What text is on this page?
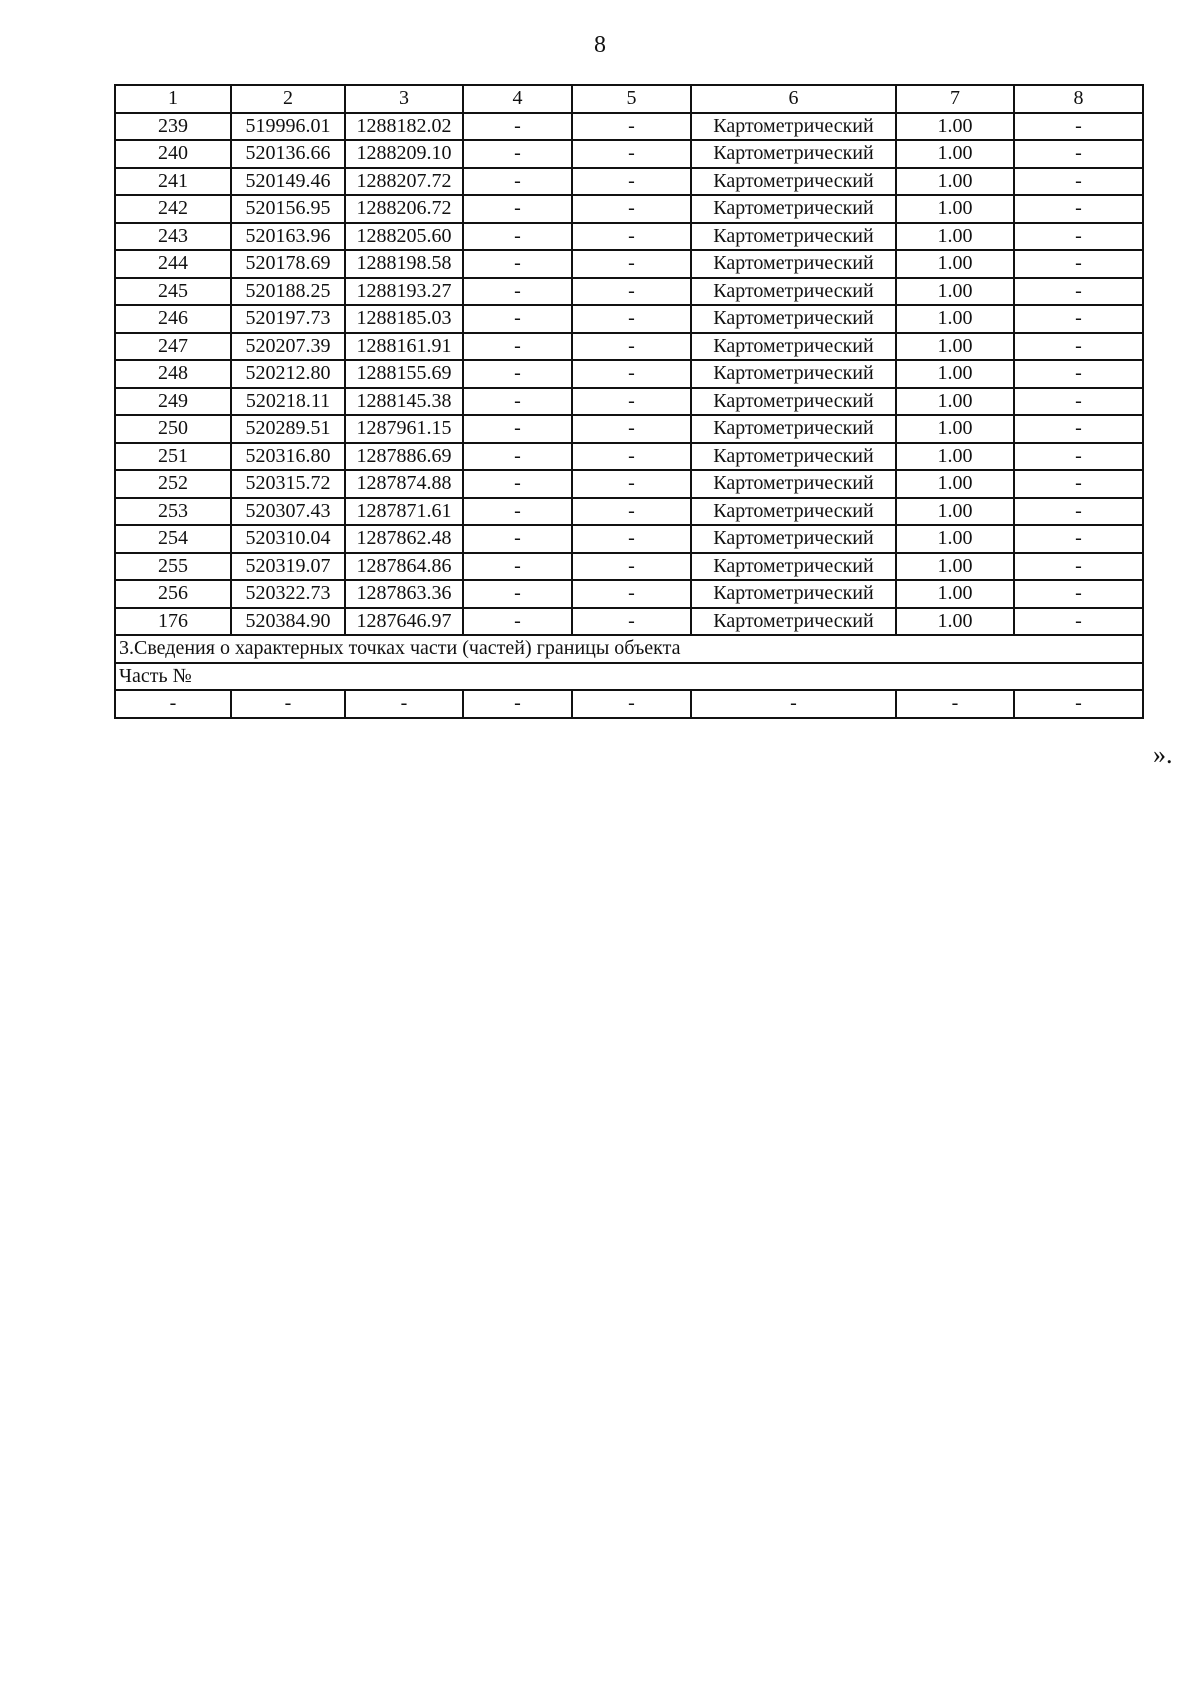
8
1	2	3	4	5	6	7	8
239	519996.01	1288182.02	-	-	Картометрический	1.00	-
240	520136.66	1288209.10	-	-	Картометрический	1.00	-
241	520149.46	1288207.72	-	-	Картометрический	1.00	-
242	520156.95	1288206.72	-	-	Картометрический	1.00	-
243	520163.96	1288205.60	-	-	Картометрический	1.00	-
244	520178.69	1288198.58	-	-	Картометрический	1.00	-
245	520188.25	1288193.27	-	-	Картометрический	1.00	-
246	520197.73	1288185.03	-	-	Картометрический	1.00	-
247	520207.39	1288161.91	-	-	Картометрический	1.00	-
248	520212.80	1288155.69	-	-	Картометрический	1.00	-
249	520218.11	1288145.38	-	-	Картометрический	1.00	-
250	520289.51	1287961.15	-	-	Картометрический	1.00	-
251	520316.80	1287886.69	-	-	Картометрический	1.00	-
252	520315.72	1287874.88	-	-	Картометрический	1.00	-
253	520307.43	1287871.61	-	-	Картометрический	1.00	-
254	520310.04	1287862.48	-	-	Картометрический	1.00	-
255	520319.07	1287864.86	-	-	Картометрический	1.00	-
256	520322.73	1287863.36	-	-	Картометрический	1.00	-
176	520384.90	1287646.97	-	-	Картометрический	1.00	-
3.Сведения о характерных точках части (частей) границы объекта							
Часть №							
-	-	-	-	-	-	-	-
».
